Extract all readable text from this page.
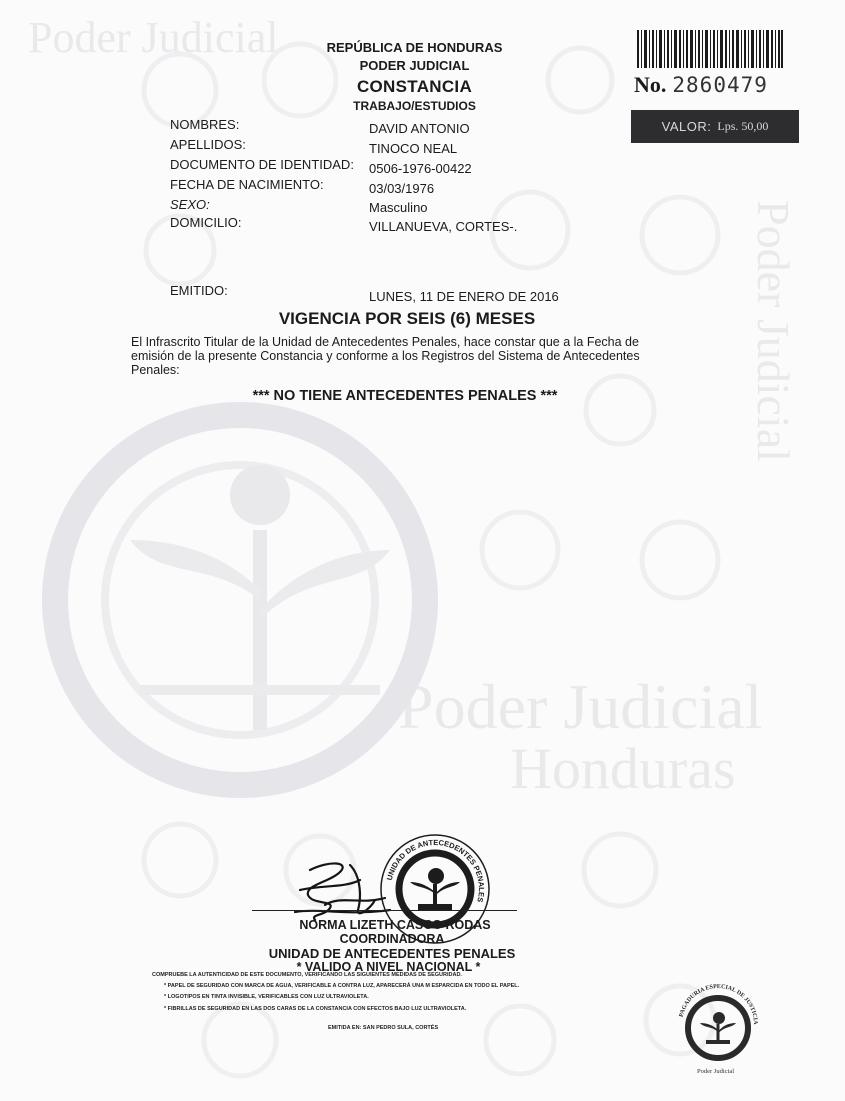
Poder Judicial
Poder Judicial
Poder Judicial
Honduras
REPÚBLICA DE HONDURAS
PODER JUDICIAL
CONSTANCIA
TRABAJO/ESTUDIOS
No. 2860479
VALOR: Lps. 50,00
NOMBRES:	DAVID ANTONIO
APELLIDOS:	TINOCO NEAL
DOCUMENTO DE IDENTIDAD: 0506-1976-00422
FECHA DE NACIMIENTO:	03/03/1976
SEXO:	Masculino
DOMICILIO:	VILLANUEVA, CORTES-.
EMITIDO:	LUNES, 11 DE ENERO DE 2016
VIGENCIA POR SEIS (6) MESES
El Infrascrito Titular de la Unidad de Antecedentes Penales, hace constar que a la Fecha de emisión de la presente Constancia y conforme a los Registros del Sistema de Antecedentes Penales:
*** NO TIENE ANTECEDENTES PENALES ***
UNIDAD DE ANTECEDENTES PENALES
NORMA LIZETH CASCO RODAS
COORDINADORA
UNIDAD DE ANTECEDENTES PENALES
* VALIDO A NIVEL NACIONAL *
COMPRUEBE LA AUTENTICIDAD DE ESTE DOCUMENTO, VERIFICANDO LAS SIGUIENTES MEDIDAS DE SEGURIDAD.
* PAPEL DE SEGURIDAD CON MARCA DE AGUA, VERIFICABLE A CONTRA LUZ, APARECERÁ UNA M ESPARCIDA EN TODO EL PAPEL.
* LOGOTIPOS EN TINTA INVISIBLE, VERIFICABLES CON LUZ ULTRAVIOLETA.
* FIBRILLAS DE SEGURIDAD EN LAS DOS CARAS DE LA CONSTANCIA CON EFECTOS BAJO LUZ ULTRAVIOLETA.
EMITIDA EN: SAN PEDRO SULA, CORTÉS
PAGADURIA ESPECIAL DE JUSTICIA
Poder Judicial
